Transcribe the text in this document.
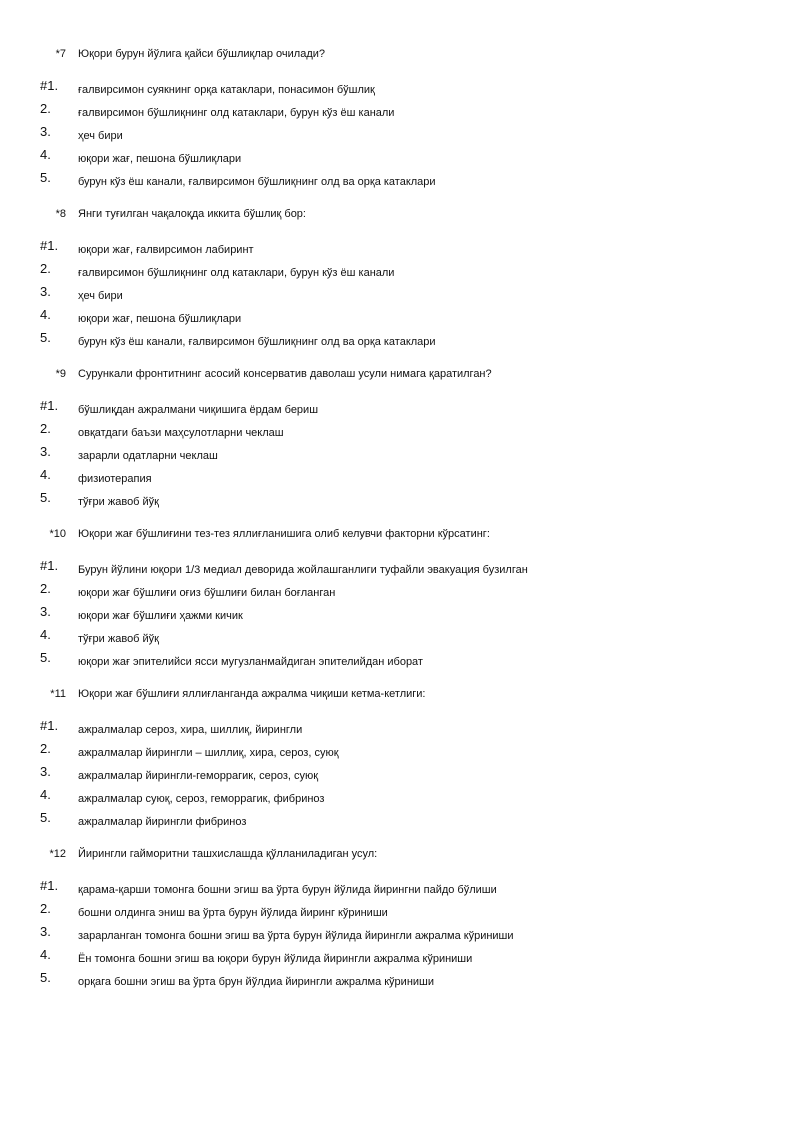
*7 Юқори бурун йўлига қайси бўшлиқлар очилади?
#1. ғалвирсимон суякнинг орқа катаклари, понасимон бўшлиқ
2. ғалвирсимон бўшлиқнинг олд катаклари, бурун кўз ёш канали
3. ҳеч бири
4. юқори жағ, пешона бўшлиқлари
5. бурун кўз ёш канали, ғалвирсимон бўшлиқнинг олд ва орқа катаклари
*8 Янги туғилган чақалоқда иккита бўшлиқ бор:
#1. юқори жағ, ғалвирсимон лабиринт
2. ғалвирсимон бўшлиқнинг олд катаклари, бурун кўз ёш канали
3. ҳеч бири
4. юқори жағ, пешона бўшлиқлари
5. бурун кўз ёш канали, ғалвирсимон бўшлиқнинг олд ва орқа катаклари
*9 Сурункали фронтитнинг асосий консерватив даволаш усули нимага қаратилган?
#1. бўшлиқдан ажралмани чиқишига ёрдам бериш
2. овқатдаги баъзи маҳсулотларни чеклаш
3. зарарли одатларни чеклаш
4. физиотерапия
5. тўғри жавоб йўқ
*10 Юқори жағ бўшлиғини тез-тез яллиғланишига олиб келувчи факторни кўрсатинг:
#1. Бурун йўлини юқори 1/3 медиал деворида жойлашганлиги туфайли эвакуация бузилган
2. юқори жағ бўшлиғи оғиз бўшлиғи билан боғланган
3. юқори жағ бўшлиғи ҳажми кичик
4. тўғри жавоб йўқ
5. юқори жағ эпителийси ясси мугузланмайдиган эпителийдан иборат
*11 Юқори жағ бўшлиғи яллиғланганда ажралма чиқиши кетма-кетлиги:
#1. ажралмалар сероз, хира, шиллиқ, йирингли
2. ажралмалар йирингли – шиллиқ, хира, сероз, суюқ
3. ажралмалар йирингли-геморрагик, сероз, суюқ
4. ажралмалар суюқ, сероз, геморрагик, фибриноз
5. ажралмалар йирингли фибриноз
*12 Йирингли гайморитни ташхислашда қўлланиладиган усул:
#1. қарама-қарши томонга бошни эгиш ва ўрта бурун йўлида йирингни пайдо бўлиши
2. бошни олдинга эниш ва ўрта бурун йўлида йиринг кўриниши
3. зарарланган томонга бошни эгиш ва ўрта бурун йўлида йирингли ажралма кўриниши
4. Ён томонга бошни эгиш ва юқори бурун йўлида йирингли ажралма кўриниши
5. орқага бошни эгиш ва ўрта брун йўлдиа йирингли ажралма кўриниши
